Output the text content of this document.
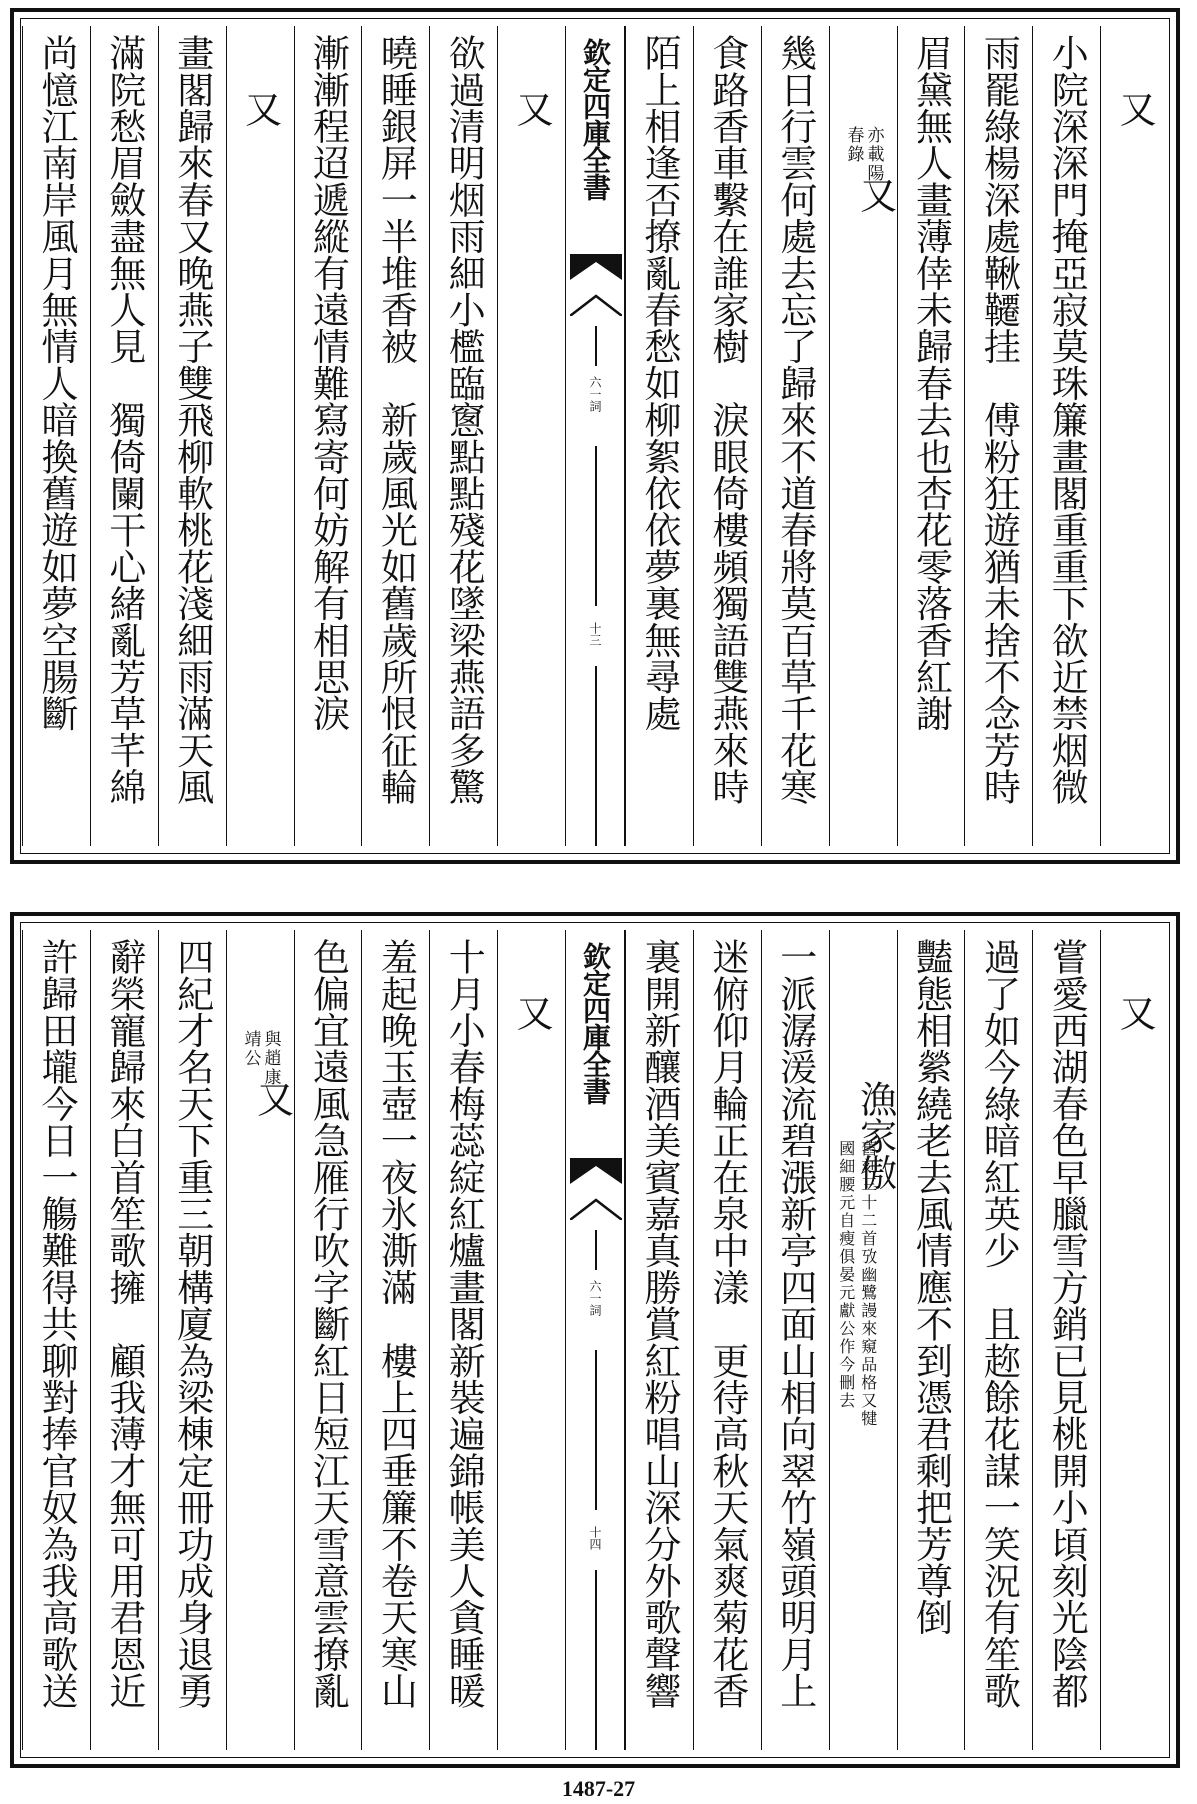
又
小院深深門掩亞寂莫珠簾畫閣重重下欲近禁烟微
雨罷綠楊深處鞦韆挂　傅粉狂遊猶未捨不念芳時
眉黛無人畫薄倖未歸春去也杏花零落香紅謝
又
亦載陽
春錄
幾日行雲何處去忘了歸來不道春將莫百草千花寒
食路香車繫在誰家樹　淚眼倚樓頻獨語雙燕來時
陌上相逢否撩亂春愁如柳絮依依夢裏無尋處
欽定四庫全書
六一詞
十三
又
欲過清明烟雨細小檻臨窻點點殘花墜梁燕語多驚
曉睡銀屏一半堆香被　新歲風光如舊歲所恨征輪
漸漸程迢遞縱有遠情難寫寄何妨解有相思淚
又
畫閣歸來春又晚燕子雙飛柳軟桃花淺細雨滿天風
滿院愁眉斂盡無人見　獨倚闌干心緒亂芳草芊綿
尚憶江南岸風月無情人暗換舊遊如夢空腸斷
又
嘗愛西湖春色早臘雪方銷已見桃開小頃刻光陰都
過了如今綠暗紅英少　且趂餘花謀一笑況有笙歌
豔態相縈繞老去風情應不到憑君剩把芳尊倒
漁家傲
舊刻三十二首攷幽鷺謾來窺品格又犍
國細腰元自瘦俱晏元獻公作今刪去
一派潺湲流碧漲新亭四面山相向翠竹嶺頭明月上
迷俯仰月輪正在泉中漾　更待高秋天氣爽菊花香
裏開新釀酒美賓嘉真勝賞紅粉唱山深分外歌聲響
欽定四庫全書
六一詞
十四
又
十月小春梅蕊綻紅爐畫閣新裝遍錦帳美人貪睡暖
羞起晚玉壺一夜氷澌滿　樓上四垂簾不卷天寒山
色偏宜遠風急雁行吹字斷紅日短江天雪意雲撩亂
又
與趙康
靖公
四紀才名天下重三朝構廈為梁棟定冊功成身退勇
辭榮寵歸來白首笙歌擁　顧我薄才無可用君恩近
許歸田壠今日一觴難得共聊對捧官奴為我高歌送
1487-27
